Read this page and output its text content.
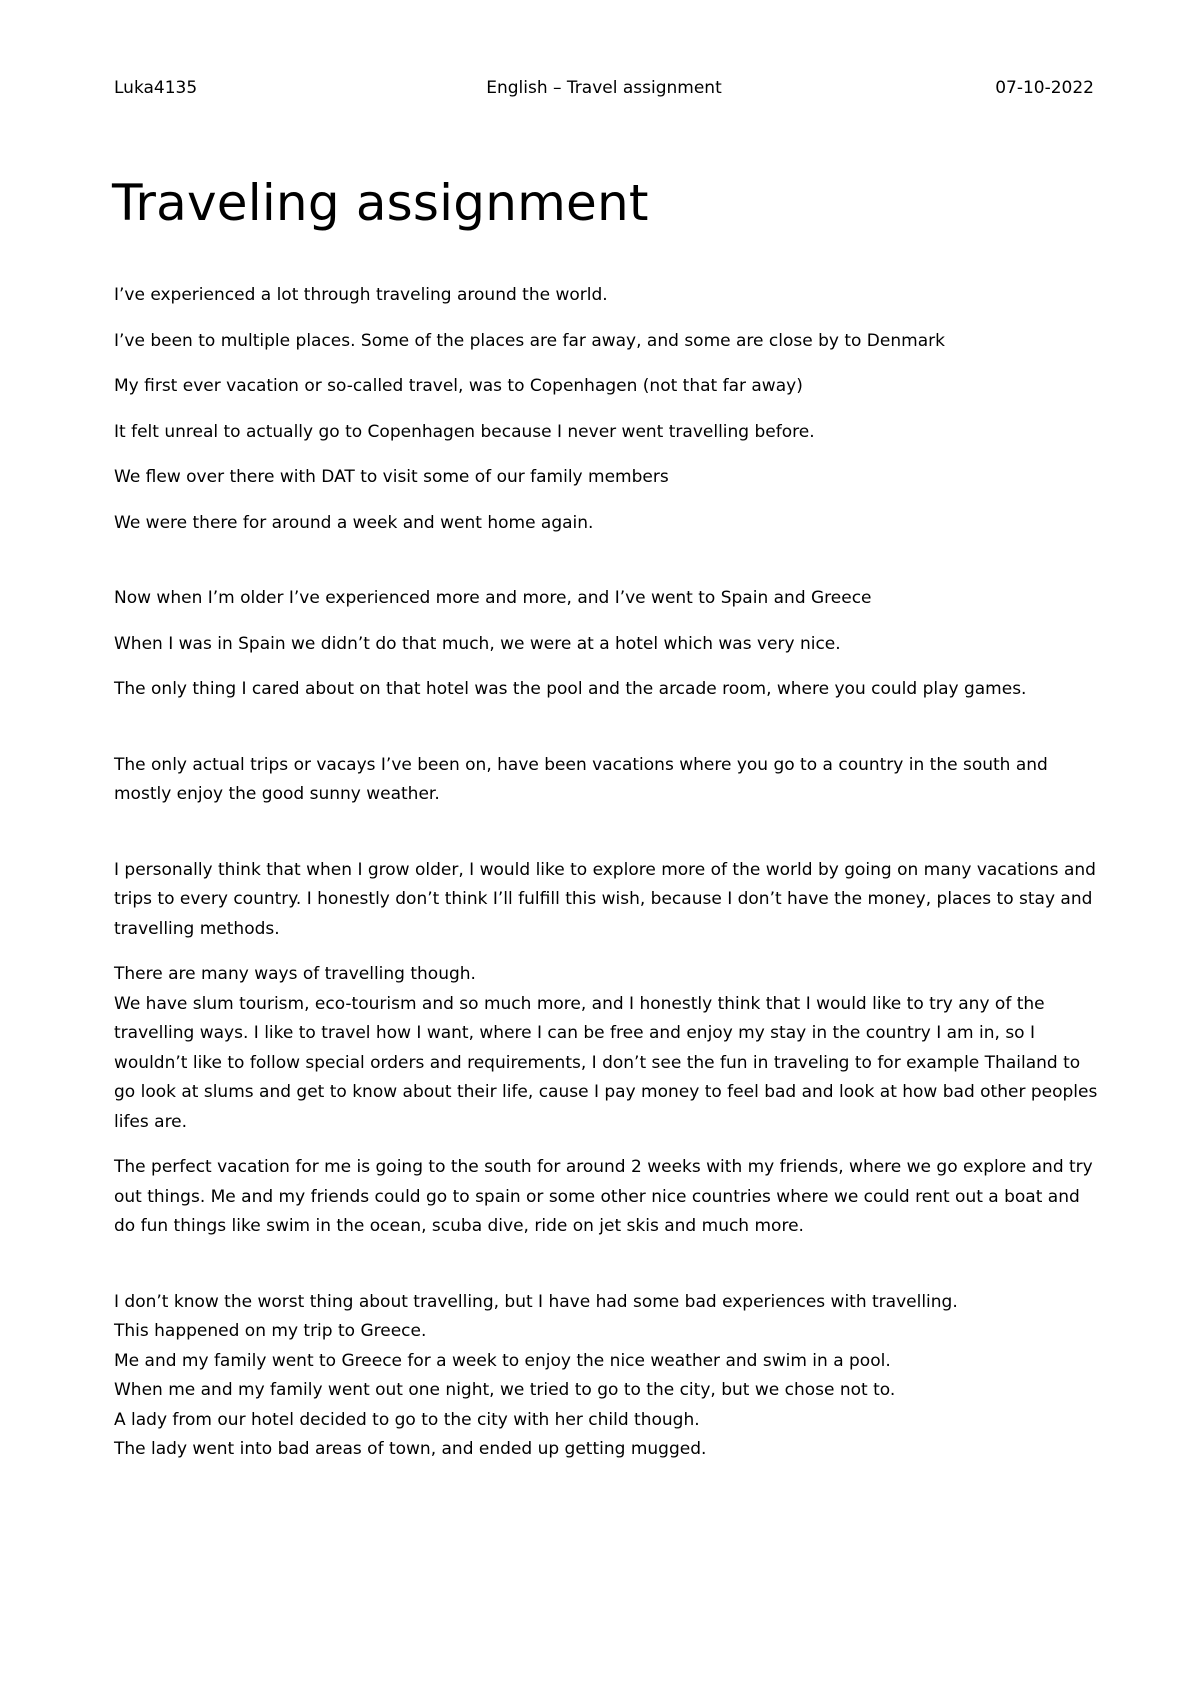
Luka4135	English – Travel assignment	07-10-2022
Traveling assignment

I’ve experienced a lot through traveling around the world.

I’ve been to multiple places. Some of the places are far away, and some are close by to Denmark

My first ever vacation or so-called travel, was to Copenhagen (not that far away)

It felt unreal to actually go to Copenhagen because I never went travelling before.

We flew over there with DAT to visit some of our family members

We were there for around a week and went home again.

Now when I’m older I’ve experienced more and more, and I’ve went to Spain and Greece

When I was in Spain we didn’t do that much, we were at a hotel which was very nice.

The only thing I cared about on that hotel was the pool and the arcade room, where you could play games.

The only actual trips or vacays I’ve been on, have been vacations where you go to a country in the south and mostly enjoy the good sunny weather.

I personally think that when I grow older, I would like to explore more of the world by going on many vacations and trips to every country. I honestly don’t think I’ll fulfill this wish, because I don’t have the money, places to stay and travelling methods.

There are many ways of travelling though.

We have slum tourism, eco-tourism and so much more, and I honestly think that I would like to try any of the travelling ways. I like to travel how I want, where I can be free and enjoy my stay in the country I am in, so I wouldn’t like to follow special orders and requirements, I don’t see the fun in traveling to for example Thailand to go look at slums and get to know about their life, cause I pay money to feel bad and look at how bad other peoples lifes are.

The perfect vacation for me is going to the south for around 2 weeks with my friends, where we go explore and try out things. Me and my friends could go to spain or some other nice countries where we could rent out a boat and do fun things like swim in the ocean, scuba dive, ride on jet skis and much more.

I don’t know the worst thing about travelling, but I have had some bad experiences with travelling.

This happened on my trip to Greece.

Me and my family went to Greece for a week to enjoy the nice weather and swim in a pool.

When me and my family went out one night, we tried to go to the city, but we chose not to.

A lady from our hotel decided to go to the city with her child though.

The lady went into bad areas of town, and ended up getting mugged.
